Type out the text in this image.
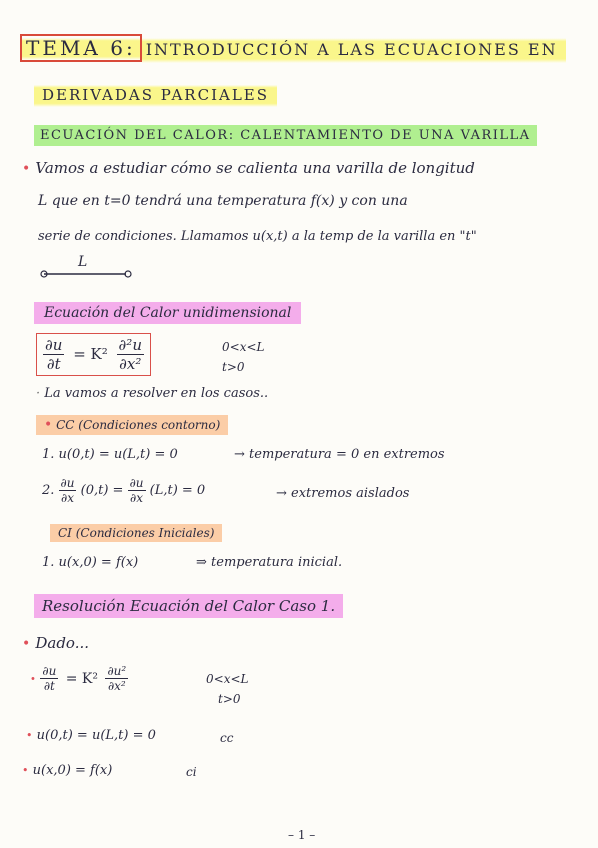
TEMA 6: INTRODUCCIÓN A LAS ECUACIONES EN
DERIVADAS PARCIALES
ECUACIÓN DEL CALOR: CALENTAMIENTO DE UNA VARILLA
• Vamos a estudiar cómo se calienta una varilla de longitud
L que en t=0 tendrá una temperatura f(x) y con una
serie de condiciones. Llamamos u(x,t) a la temp de la varilla en "t"
L
Ecuación del Calor unidimensional
$\frac{\partial u}{\partial t} = K^2 \frac{\text{∂²u}}{\text{∂x²}}$	0<x<L
t>0
· La vamos a resolver en los casos..
• CC (Condiciones contorno)
1. u(0,t) = u(L,t) = 0	→ temperatura = 0 en extremos
2. $\frac{\partial u}{\partial x} (0,t) = \frac{\partial u}{\partial x} (L,t) = 0$	→ extremos aislados
CI (Condiciones Iniciales)
1. u(x,0) = f(x)	⇒ temperatura inicial.
Resolución Ecuación del Calor Caso 1.
• Dado...
• $\frac{\partial u}{\partial t} = K^2 \frac{\text{∂u²}}{\text{∂x²}}$	0<x<L
t>0
• u(0,t) = u(L,t) = 0	cc
• u(x,0) = f(x)	ci
– 1 –
